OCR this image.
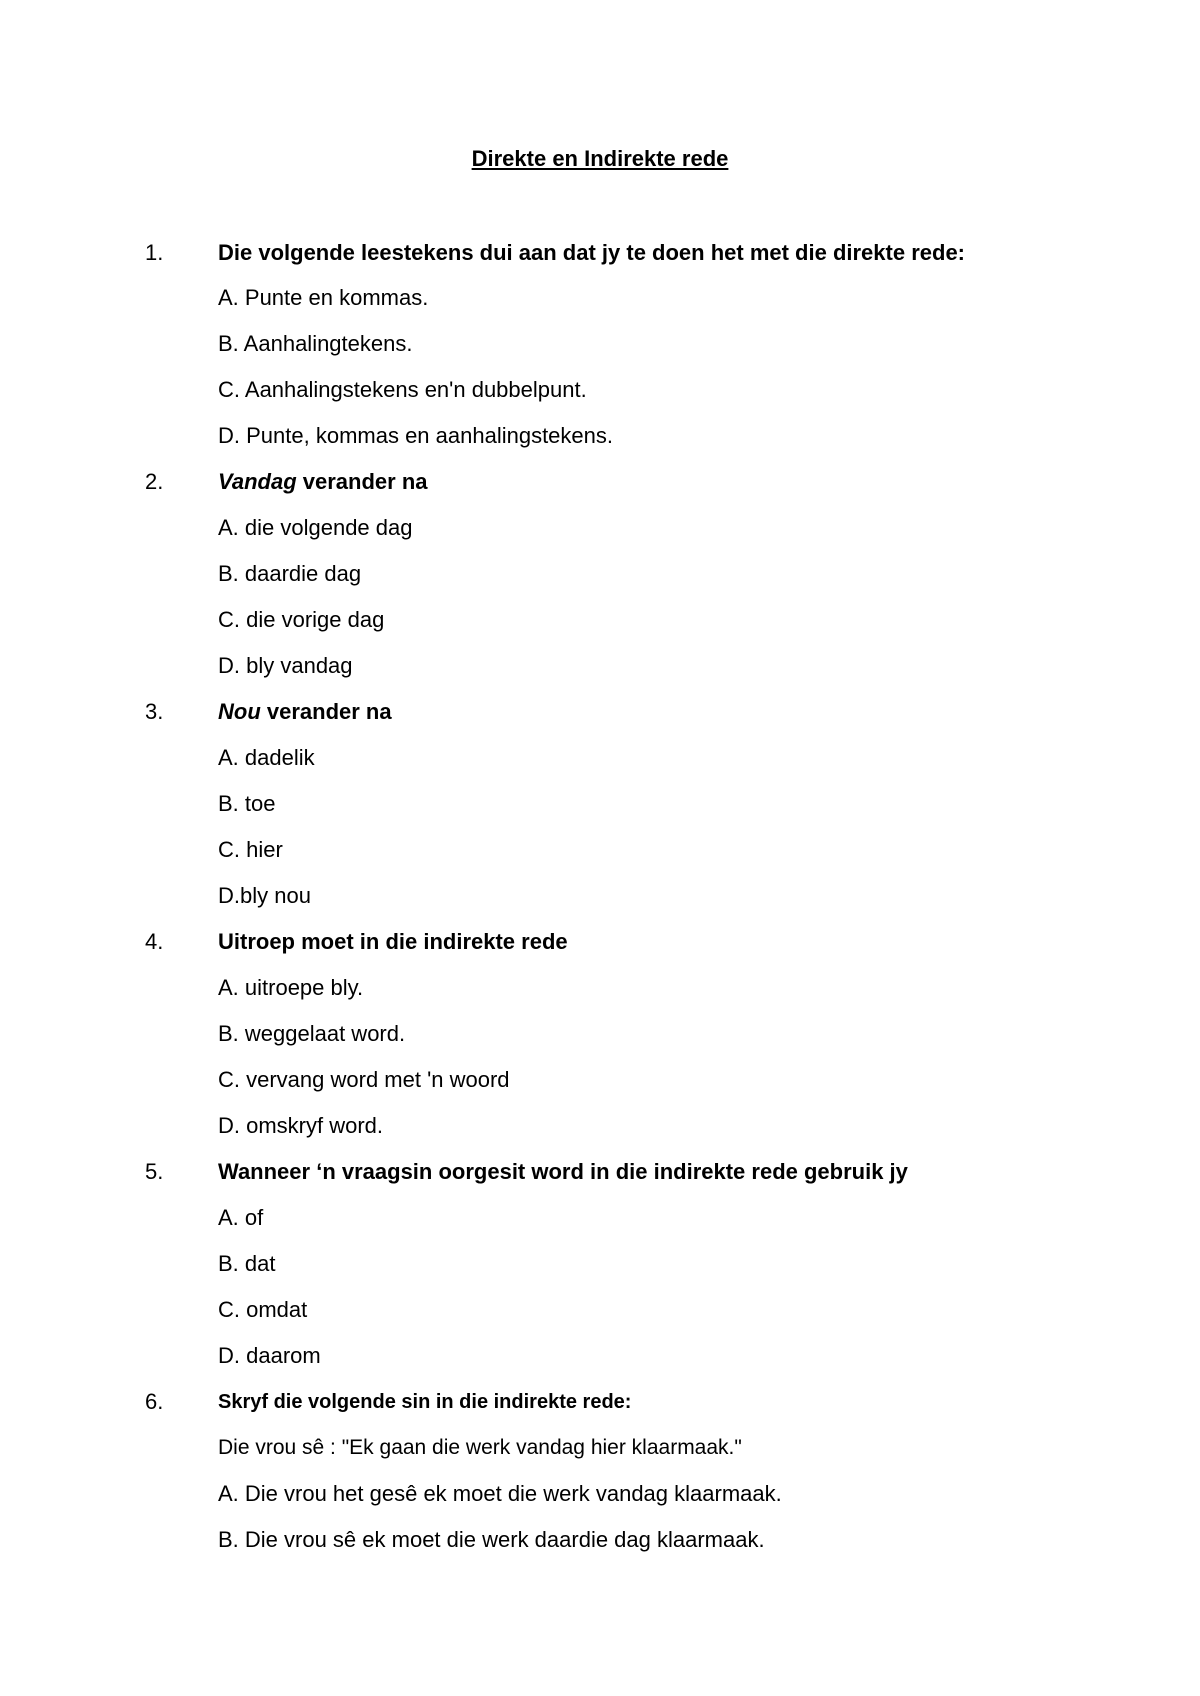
Direkte en Indirekte rede
1. Die volgende leestekens dui aan dat jy te doen het met die direkte rede:
A. Punte en kommas.
B. Aanhalingtekens.
C. Aanhalingstekens en'n dubbelpunt.
D. Punte, kommas en aanhalingstekens.
2. Vandag verander na
A. die volgende dag
B. daardie dag
C. die vorige dag
D. bly vandag
3. Nou verander na
A. dadelik
B. toe
C. hier
D.bly nou
4. Uitroep moet in die indirekte rede
A. uitroepe bly.
B. weggelaat word.
C. vervang word met 'n woord
D. omskryf word.
5. Wanneer ‘n vraagsin oorgesit word in die indirekte rede gebruik jy
A. of
B. dat
C. omdat
D. daarom
6.	Skryf die volgende sin in die indirekte rede:
Die vrou sê : "Ek gaan die werk vandag hier klaarmaak."
A. Die vrou het gesê ek moet die werk vandag klaarmaak.
B. Die vrou sê ek moet die werk daardie dag klaarmaak.
